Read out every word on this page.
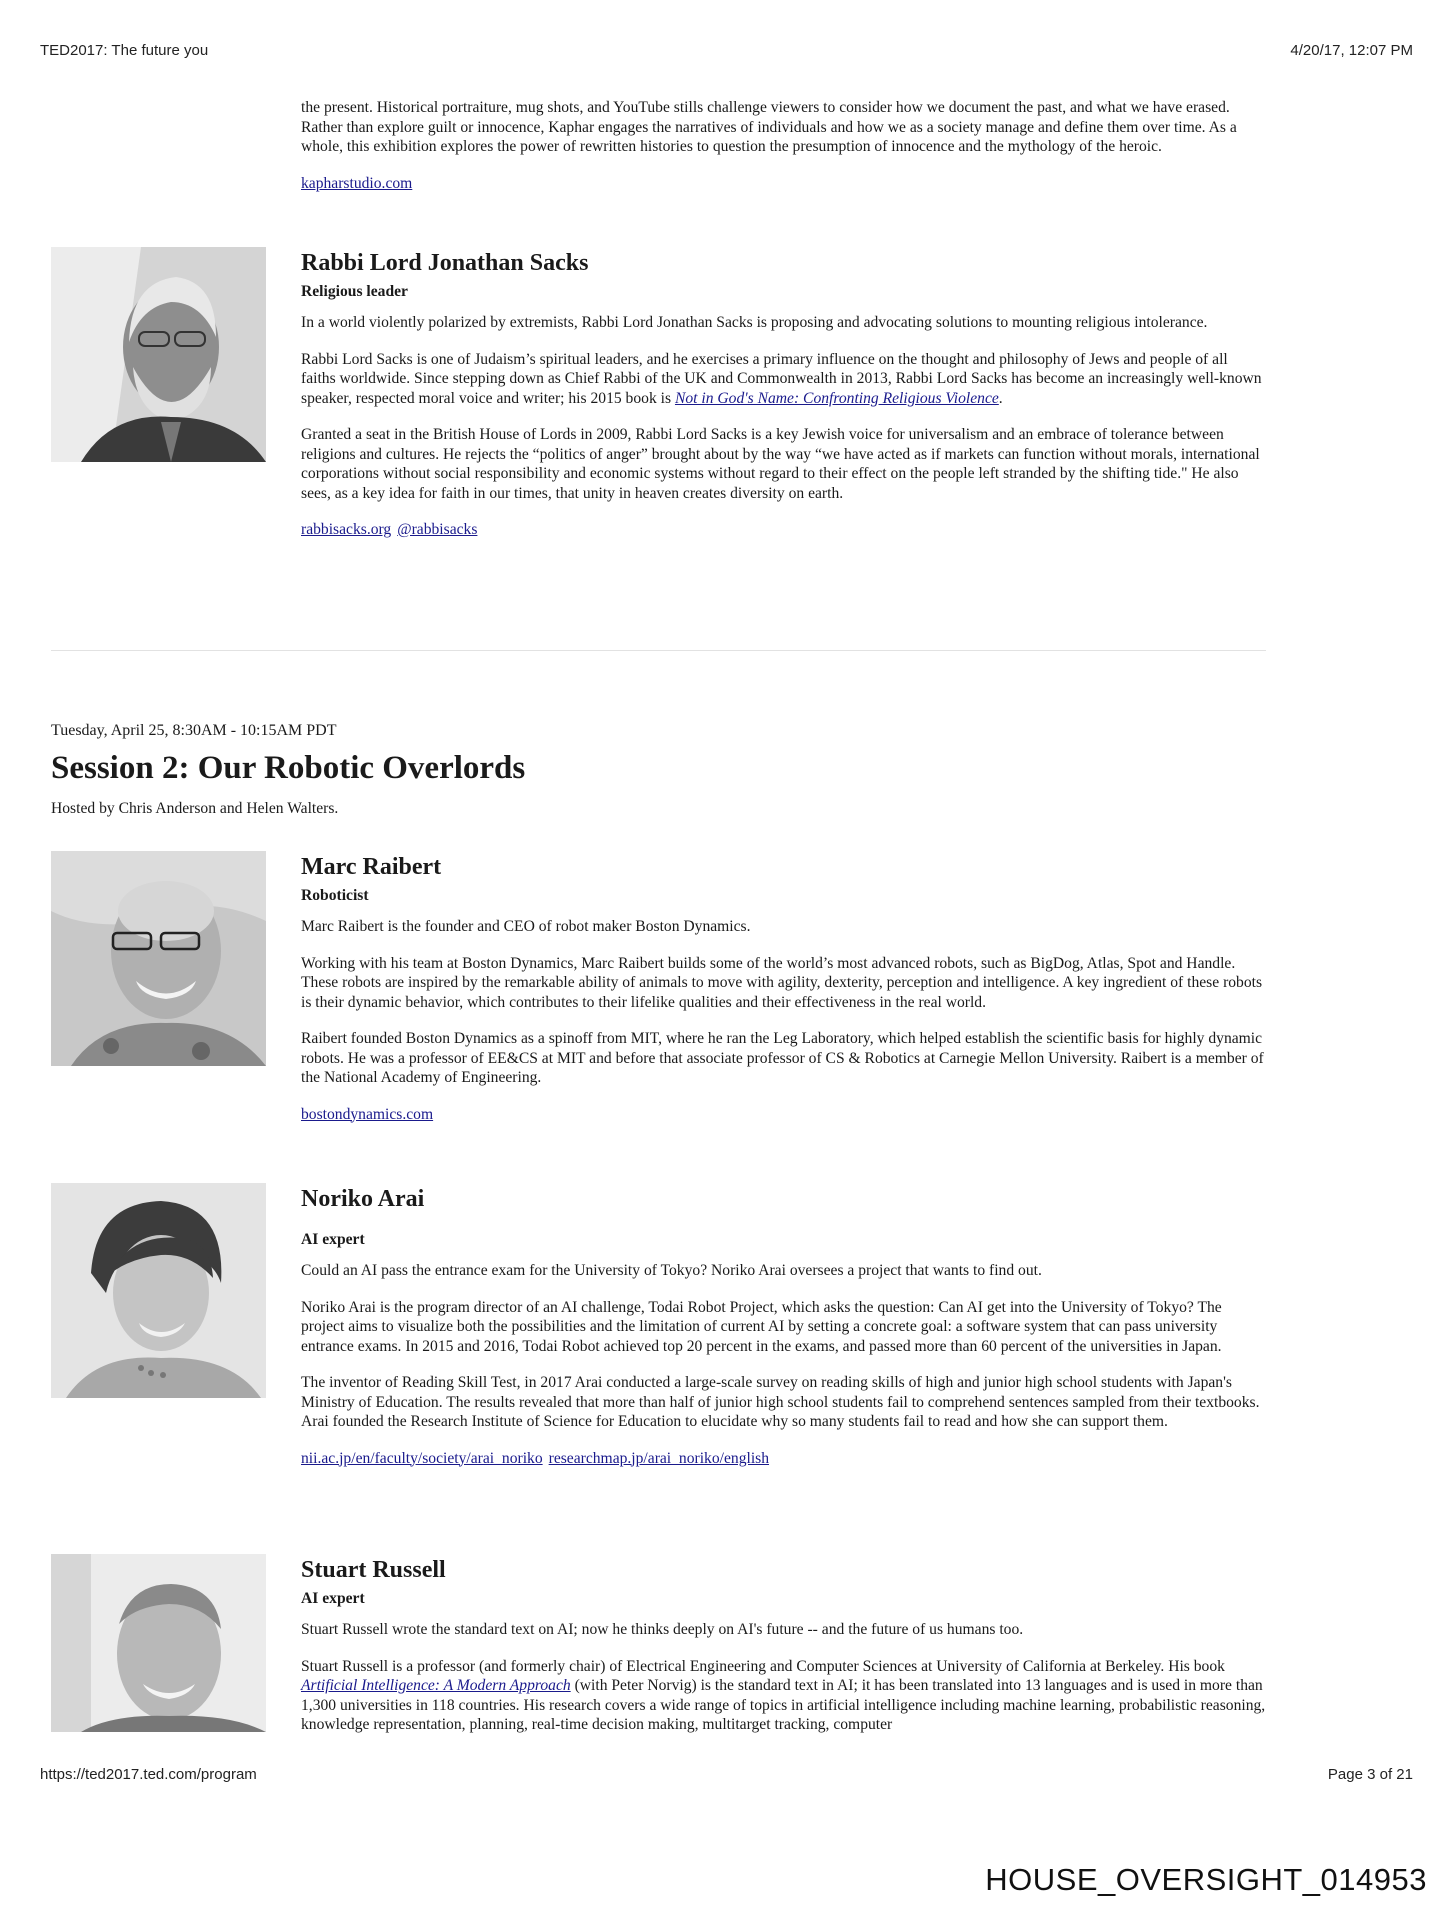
TED2017: The future you	4/20/17, 12:07 PM

the present. Historical portraiture, mug shots, and YouTube stills challenge viewers to consider how we document the past, and what we have erased. Rather than explore guilt or innocence, Kaphar engages the narratives of individuals and how we as a society manage and define them over time. As a whole, this exhibition explores the power of rewritten histories to question the presumption of innocence and the mythology of the heroic.

kapharstudio.com

Rabbi Lord Jonathan Sacks

Religious leader

In a world violently polarized by extremists, Rabbi Lord Jonathan Sacks is proposing and advocating solutions to mounting religious intolerance.

Rabbi Lord Sacks is one of Judaism’s spiritual leaders, and he exercises a primary influence on the thought and philosophy of Jews and people of all faiths worldwide. Since stepping down as Chief Rabbi of the UK and Commonwealth in 2013, Rabbi Lord Sacks has become an increasingly well-known speaker, respected moral voice and writer; his 2015 book is Not in God's Name: Confronting Religious Violence.

Granted a seat in the British House of Lords in 2009, Rabbi Lord Sacks is a key Jewish voice for universalism and an embrace of tolerance between religions and cultures. He rejects the “politics of anger” brought about by the way “we have acted as if markets can function without morals, international corporations without social responsibility and economic systems without regard to their effect on the people left stranded by the shifting tide." He also sees, as a key idea for faith in our times, that unity in heaven creates diversity on earth.

rabbisacks.org @rabbisacks

Tuesday, April 25, 8:30AM - 10:15AM PDT
Session 2: Our Robotic Overlords
Hosted by Chris Anderson and Helen Walters.
Marc Raibert

Roboticist

Marc Raibert is the founder and CEO of robot maker Boston Dynamics.

Working with his team at Boston Dynamics, Marc Raibert builds some of the world’s most advanced robots, such as BigDog, Atlas, Spot and Handle. These robots are inspired by the remarkable ability of animals to move with agility, dexterity, perception and intelligence. A key ingredient of these robots is their dynamic behavior, which contributes to their lifelike qualities and their effectiveness in the real world.

Raibert founded Boston Dynamics as a spinoff from MIT, where he ran the Leg Laboratory, which helped establish the scientific basis for highly dynamic robots. He was a professor of EE&CS at MIT and before that associate professor of CS & Robotics at Carnegie Mellon University. Raibert is a member of the National Academy of Engineering.

bostondynamics.com

Noriko Arai

AI expert

Could an AI pass the entrance exam for the University of Tokyo? Noriko Arai oversees a project that wants to find out.

Noriko Arai is the program director of an AI challenge, Todai Robot Project, which asks the question: Can AI get into the University of Tokyo? The project aims to visualize both the possibilities and the limitation of current AI by setting a concrete goal: a software system that can pass university entrance exams. In 2015 and 2016, Todai Robot achieved top 20 percent in the exams, and passed more than 60 percent of the universities in Japan.

The inventor of Reading Skill Test, in 2017 Arai conducted a large-scale survey on reading skills of high and junior high school students with Japan's Ministry of Education. The results revealed that more than half of junior high school students fail to comprehend sentences sampled from their textbooks. Arai founded the Research Institute of Science for Education to elucidate why so many students fail to read and how she can support them.

nii.ac.jp/en/faculty/society/arai_noriko researchmap.jp/arai_noriko/english

Stuart Russell

AI expert

Stuart Russell wrote the standard text on AI; now he thinks deeply on AI's future -- and the future of us humans too.

Stuart Russell is a professor (and formerly chair) of Electrical Engineering and Computer Sciences at University of California at Berkeley. His book Artificial Intelligence: A Modern Approach (with Peter Norvig) is the standard text in AI; it has been translated into 13 languages and is used in more than 1,300 universities in 118 countries. His research covers a wide range of topics in artificial intelligence including machine learning, probabilistic reasoning, knowledge representation, planning, real-time decision making, multitarget tracking, computer

https://ted2017.ted.com/program	Page 3 of 21
HOUSE_OVERSIGHT_014953
